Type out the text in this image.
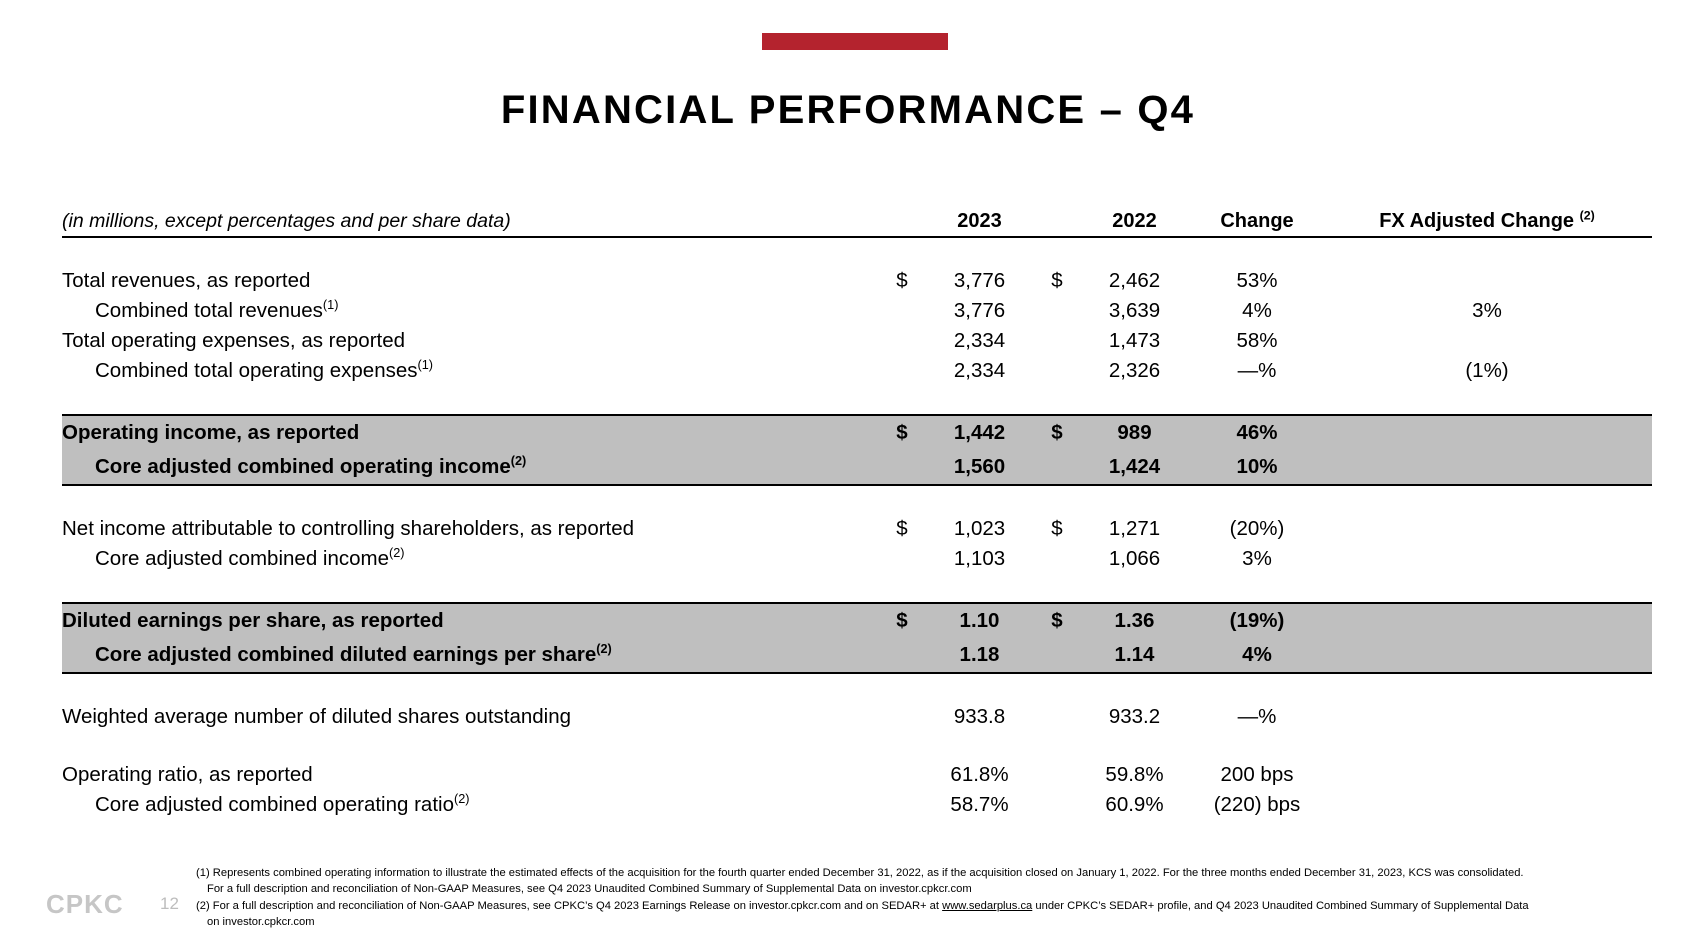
FINANCIAL PERFORMANCE – Q4
(in millions, except percentages and per share data)		2023		2022	Change	FX Adjusted Change $^{(2)}$

Total revenues, as reported	$	3,776	$	2,462	53%	
Combined total revenues$^{(1)}$		3,776		3,639	4%	3%
Total operating expenses, as reported		2,334		1,473	58%	
Combined total operating expenses$^{(1)}$		2,334		2,326	—%	(1%)

Operating income, as reported	$	1,442	$	989	46%	
Core adjusted combined operating income$^{(2)}$		1,560		1,424	10%	

Net income attributable to controlling shareholders, as reported	$	1,023	$	1,271	(20%)	
Core adjusted combined income$^{(2)}$		1,103		1,066	3%	

Diluted earnings per share, as reported	$	1.10	$	1.36	(19%)	
Core adjusted combined diluted earnings per share$^{(2)}$		1.18		1.14	4%	

Weighted average number of diluted shares outstanding		933.8		933.2	—%	

Operating ratio, as reported		61.8%		59.8%	200 bps	
Core adjusted combined operating ratio$^{(2)}$		58.7%		60.9%	(220) bps	

(1) Represents combined operating information to illustrate the estimated effects of the acquisition for the fourth quarter ended December 31, 2022, as if the acquisition closed on January 1, 2022. For the three months ended December 31, 2023, KCS was consolidated. For a full description and reconciliation of Non-GAAP Measures, see Q4 2023 Unaudited Combined Summary of Supplemental Data on investor.cpkcr.com

(2) For a full description and reconciliation of Non-GAAP Measures, see CPKC’s Q4 2023 Earnings Release on investor.cpkcr.com and on SEDAR+ at www.sedarplus.ca under CPKC’s SEDAR+ profile, and Q4 2023 Unaudited Combined Summary of Supplemental Data on investor.cpkcr.com

CPKC 12
